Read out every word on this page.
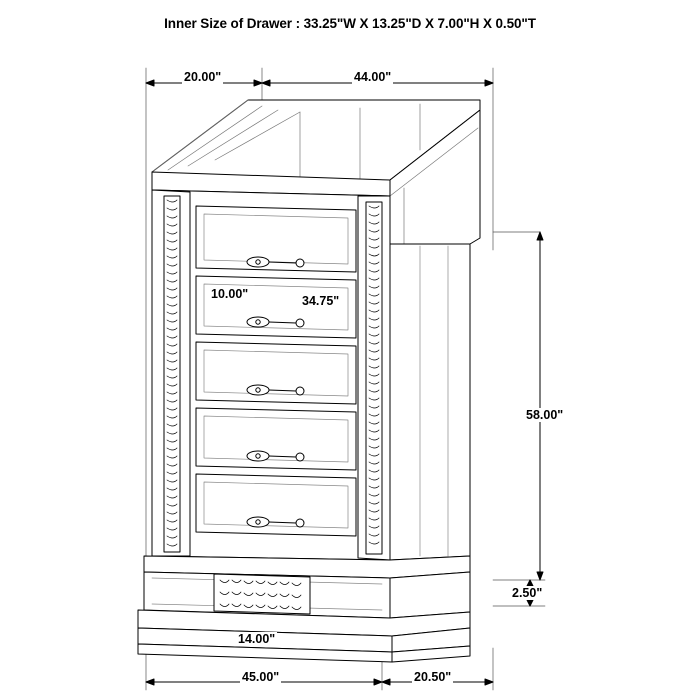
Inner Size of Drawer : 33.25"W X 13.25"D X 7.00"H X 0.50"T
20.00"	44.00"
10.00"	34.75"
58.00"
2.50"
14.00"
45.00"	20.50"
